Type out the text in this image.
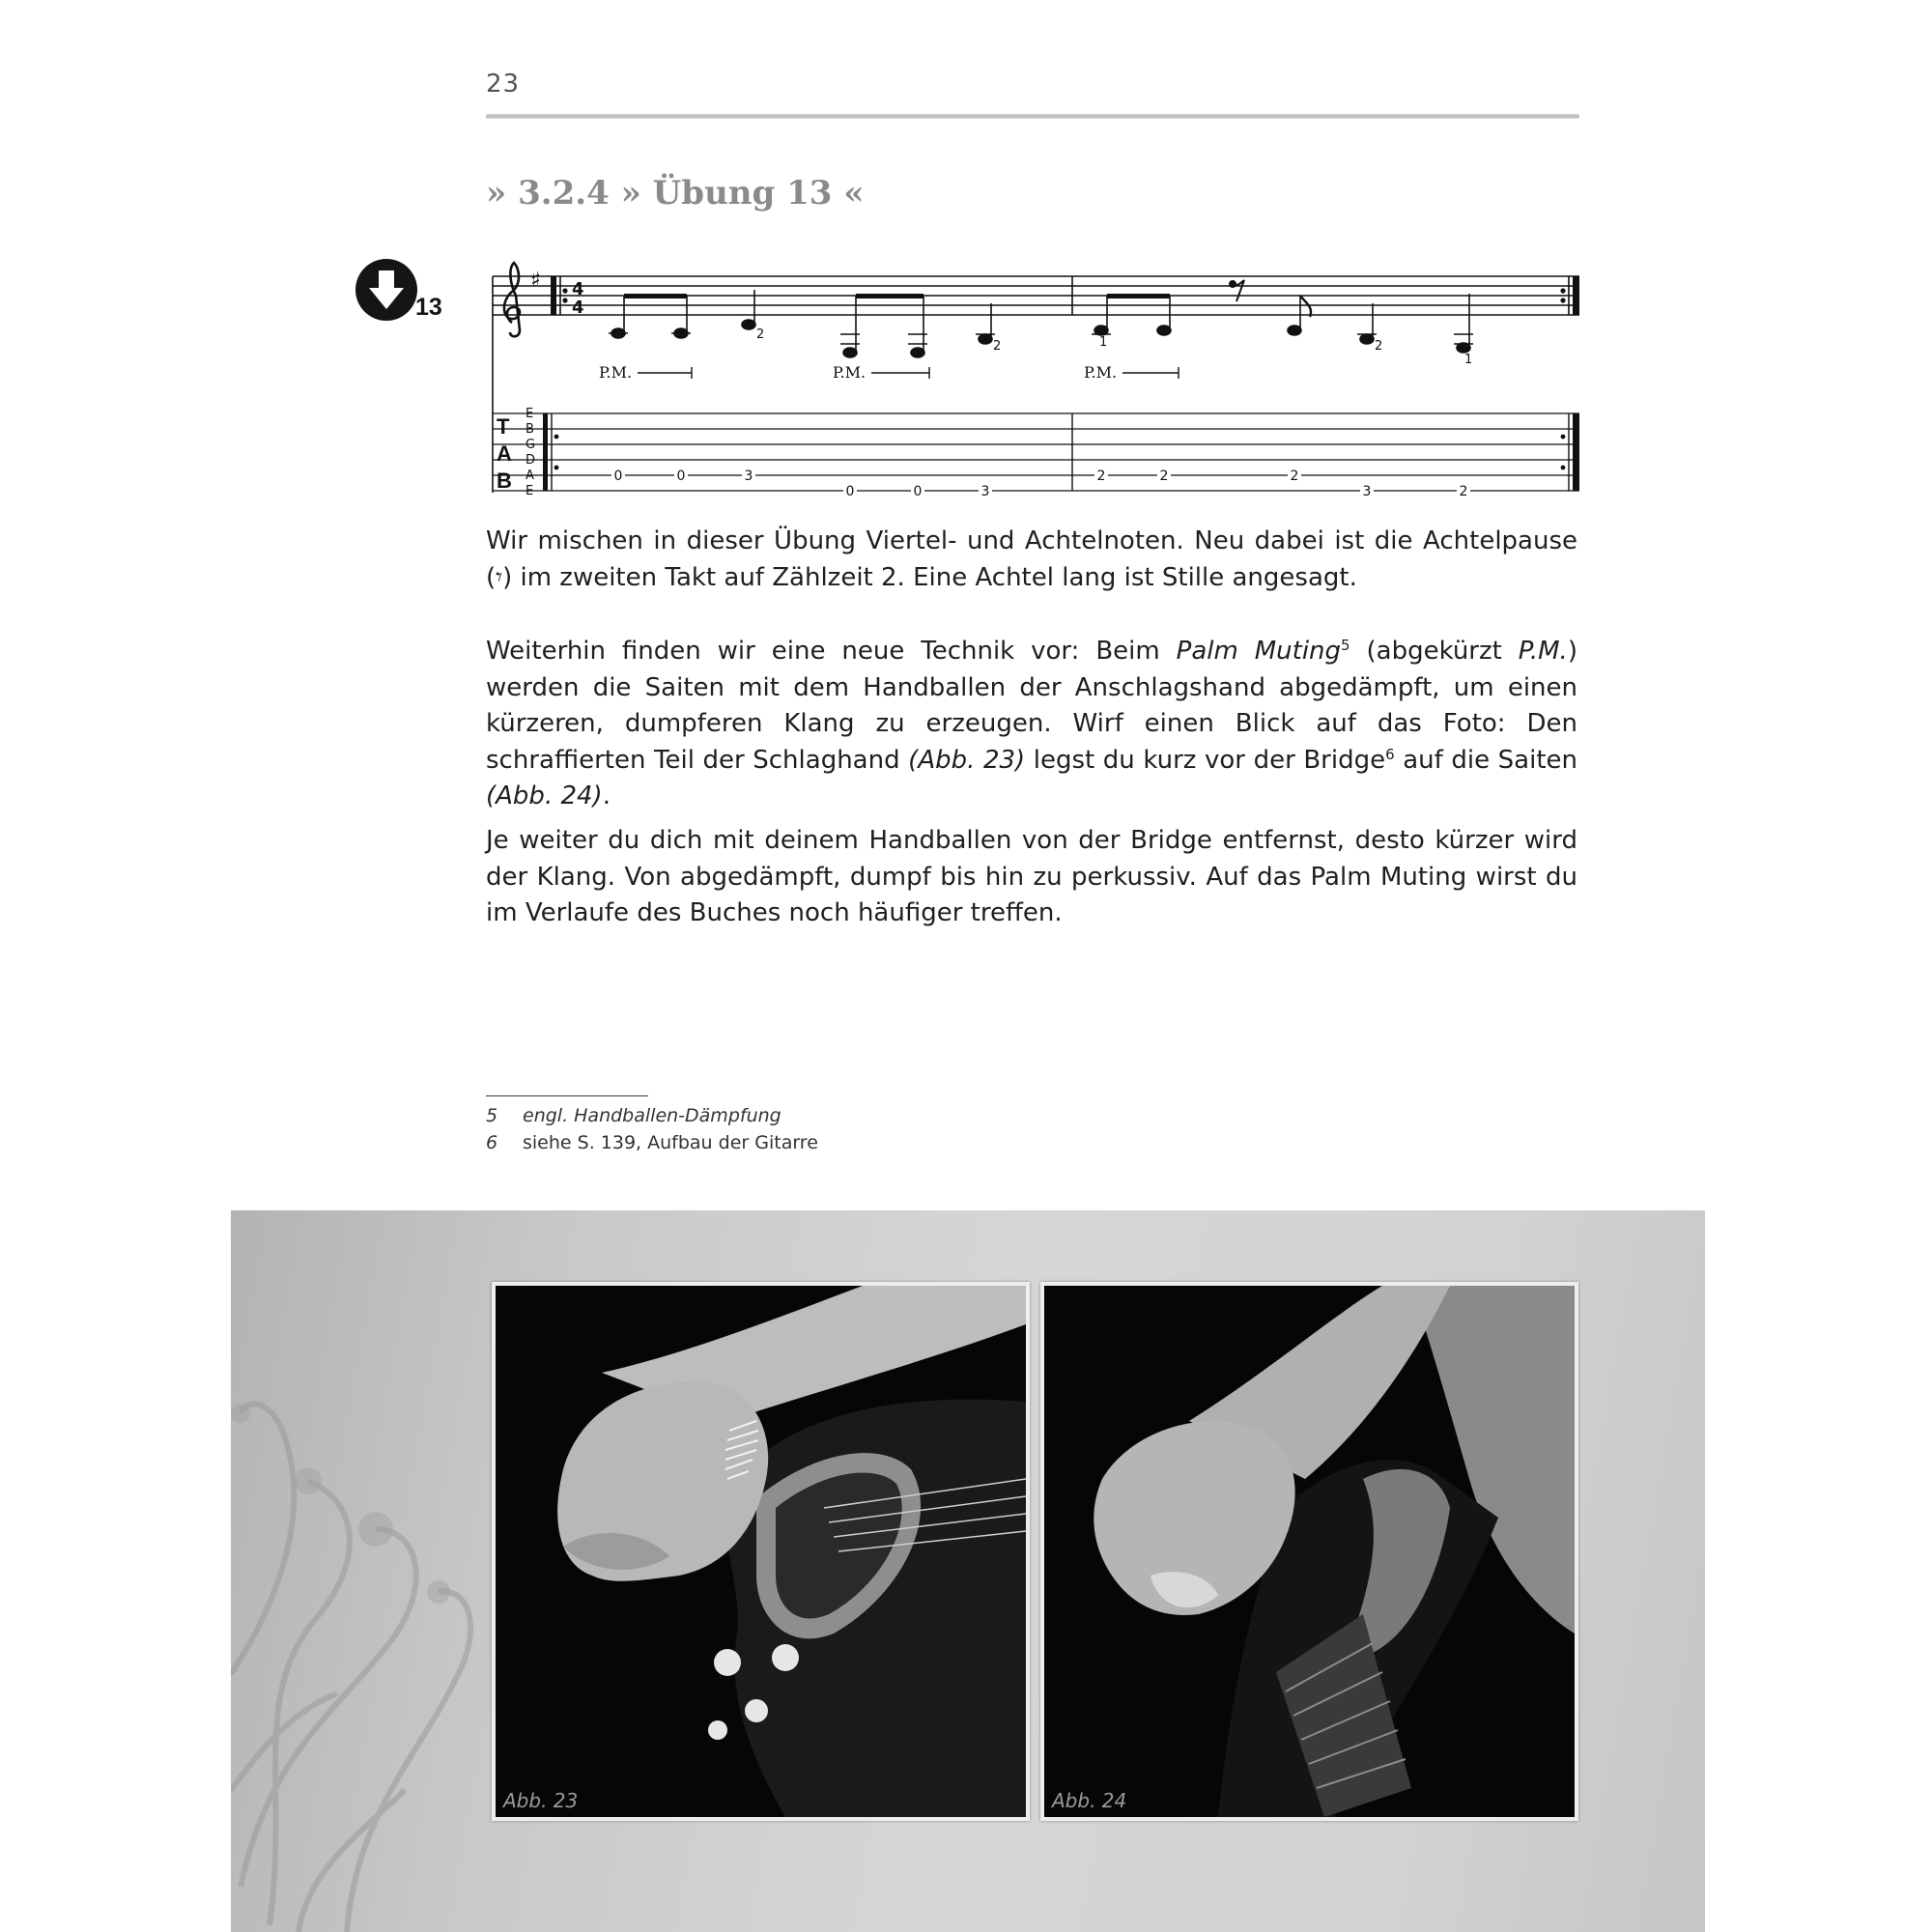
23
» 3.2.4 » Übung 13 «
13
♯ 4
4
2
2	1	2
1
P.M.	P.M.	P.M.
T
A
B
E
B
G
D
A
E
0	0	3
0	0	3
2	2	2
3	2

Wir mischen in dieser Übung Viertel- und Achtelnoten. Neu dabei ist die Achtelpause (𝄾) im zweiten Takt auf Zählzeit 2. Eine Achtel lang ist Stille angesagt.

Weiterhin finden wir eine neue Technik vor: Beim Palm Muting$^5$ (abgekürzt P.M.) werden die Saiten mit dem Handballen der Anschlagshand abgedämpft, um einen kürzeren, dumpferen Klang zu erzeugen. Wirf einen Blick auf das Foto: Den schraffierten Teil der Schlaghand (Abb. 23) legst du kurz vor der Bridge$^6$ auf die Saiten (Abb. 24).

Je weiter du dich mit deinem Handballen von der Bridge entfernst, desto kürzer wird der Klang. Von abgedämpft, dumpf bis hin zu perkussiv. Auf das Palm Muting wirst du im Verlaufe des Buches noch häufiger treffen.

5 engl. Handballen-Dämpfung
6 siehe S. 139, Aufbau der Gitarre
Abb. 23	Abb. 24
